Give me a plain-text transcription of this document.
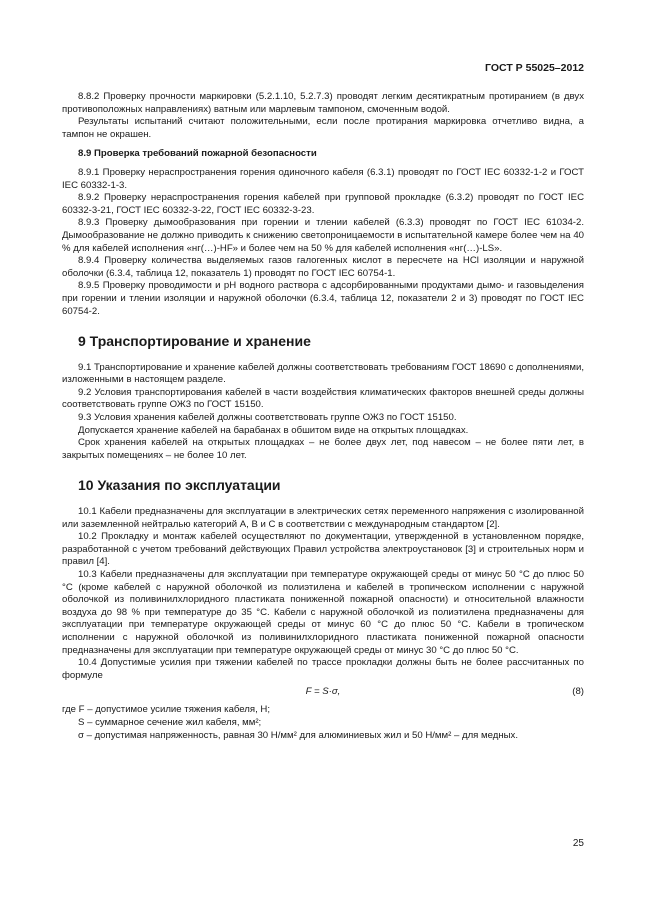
ГОСТ Р 55025–2012

8.8.2 Проверку прочности маркировки (5.2.1.10, 5.2.7.3) проводят легким десятикратным протиранием (в двух противоположных направлениях) ватным или марлевым тампоном, смоченным водой.

Результаты испытаний считают положительными, если после протирания маркировка отчетливо видна, а тампон не окрашен.

8.9 Проверка требований пожарной безопасности

8.9.1 Проверку нераспространения горения одиночного кабеля (6.3.1) проводят по ГОСТ IEC 60332-1-2 и ГОСТ IEC 60332-1-3.

8.9.2 Проверку нераспространения горения кабелей при групповой прокладке (6.3.2) проводят по ГОСТ IEC 60332-3-21, ГОСТ IEC 60332-3-22, ГОСТ IEC 60332-3-23.

8.9.3 Проверку дымообразования при горении и тлении кабелей (6.3.3) проводят по ГОСТ IEC 61034-2. Дымообразование не должно приводить к снижению светопроницаемости в испытательной камере более чем на 40 % для кабелей исполнения «нг(…)-HF» и более чем на 50 % для кабелей исполнения «нг(…)-LS».

8.9.4 Проверку количества выделяемых газов галогенных кислот в пересчете на HCl изоляции и наружной оболочки (6.3.4, таблица 12, показатель 1) проводят по ГОСТ IEC 60754-1.

8.9.5 Проверку проводимости и рН водного раствора с адсорбированными продуктами дымо- и газовыделения при горении и тлении изоляции и наружной оболочки (6.3.4, таблица 12, показатели 2 и 3) проводят по ГОСТ IEC 60754-2.

9 Транспортирование и хранение

9.1 Транспортирование и хранение кабелей должны соответствовать требованиям ГОСТ 18690 с дополнениями, изложенными в настоящем разделе.

9.2 Условия транспортирования кабелей в части воздействия климатических факторов внешней среды должны соответствовать группе ОЖ3 по ГОСТ 15150.

9.3 Условия хранения кабелей должны соответствовать группе ОЖ3 по ГОСТ 15150.

Допускается хранение кабелей на барабанах в обшитом виде на открытых площадках.

Срок хранения кабелей на открытых площадках – не более двух лет, под навесом – не более пяти лет, в закрытых помещениях – не более 10 лет.

10 Указания по эксплуатации

10.1 Кабели предназначены для эксплуатации в электрических сетях переменного напряжения с изолированной или заземленной нейтралью категорий А, В и С в соответствии с международным стандартом [2].

10.2 Прокладку и монтаж кабелей осуществляют по документации, утвержденной в установленном порядке, разработанной с учетом требований действующих Правил устройства электроустановок [3] и строительных норм и правил [4].

10.3 Кабели предназначены для эксплуатации при температуре окружающей среды от минус 50 °С до плюс 50 °С (кроме кабелей с наружной оболочкой из полиэтилена и кабелей в тропическом исполнении с наружной оболочкой из поливинилхлоридного пластиката пониженной пожарной опасности) и относительной влажности воздуха до 98 % при температуре до 35 °С. Кабели с наружной оболочкой из полиэтилена предназначены для эксплуатации при температуре окружающей среды от минус 60 °С до плюс 50 °С. Кабели в тропическом исполнении с наружной оболочкой из поливинилхлоридного пластиката пониженной пожарной опасности предназначены для эксплуатации при температуре окружающей среды от минус 30 °С до плюс 50 °С.

10.4 Допустимые усилия при тяжении кабелей по трассе прокладки должны быть не более рассчитанных по формуле

F = S·σ,	(8)

где F – допустимое усилие тяжения кабеля, Н;

S – суммарное сечение жил кабеля, мм²;

σ – допустимая напряженность, равная 30 Н/мм² для алюминиевых жил и 50 Н/мм² – для медных.

25
